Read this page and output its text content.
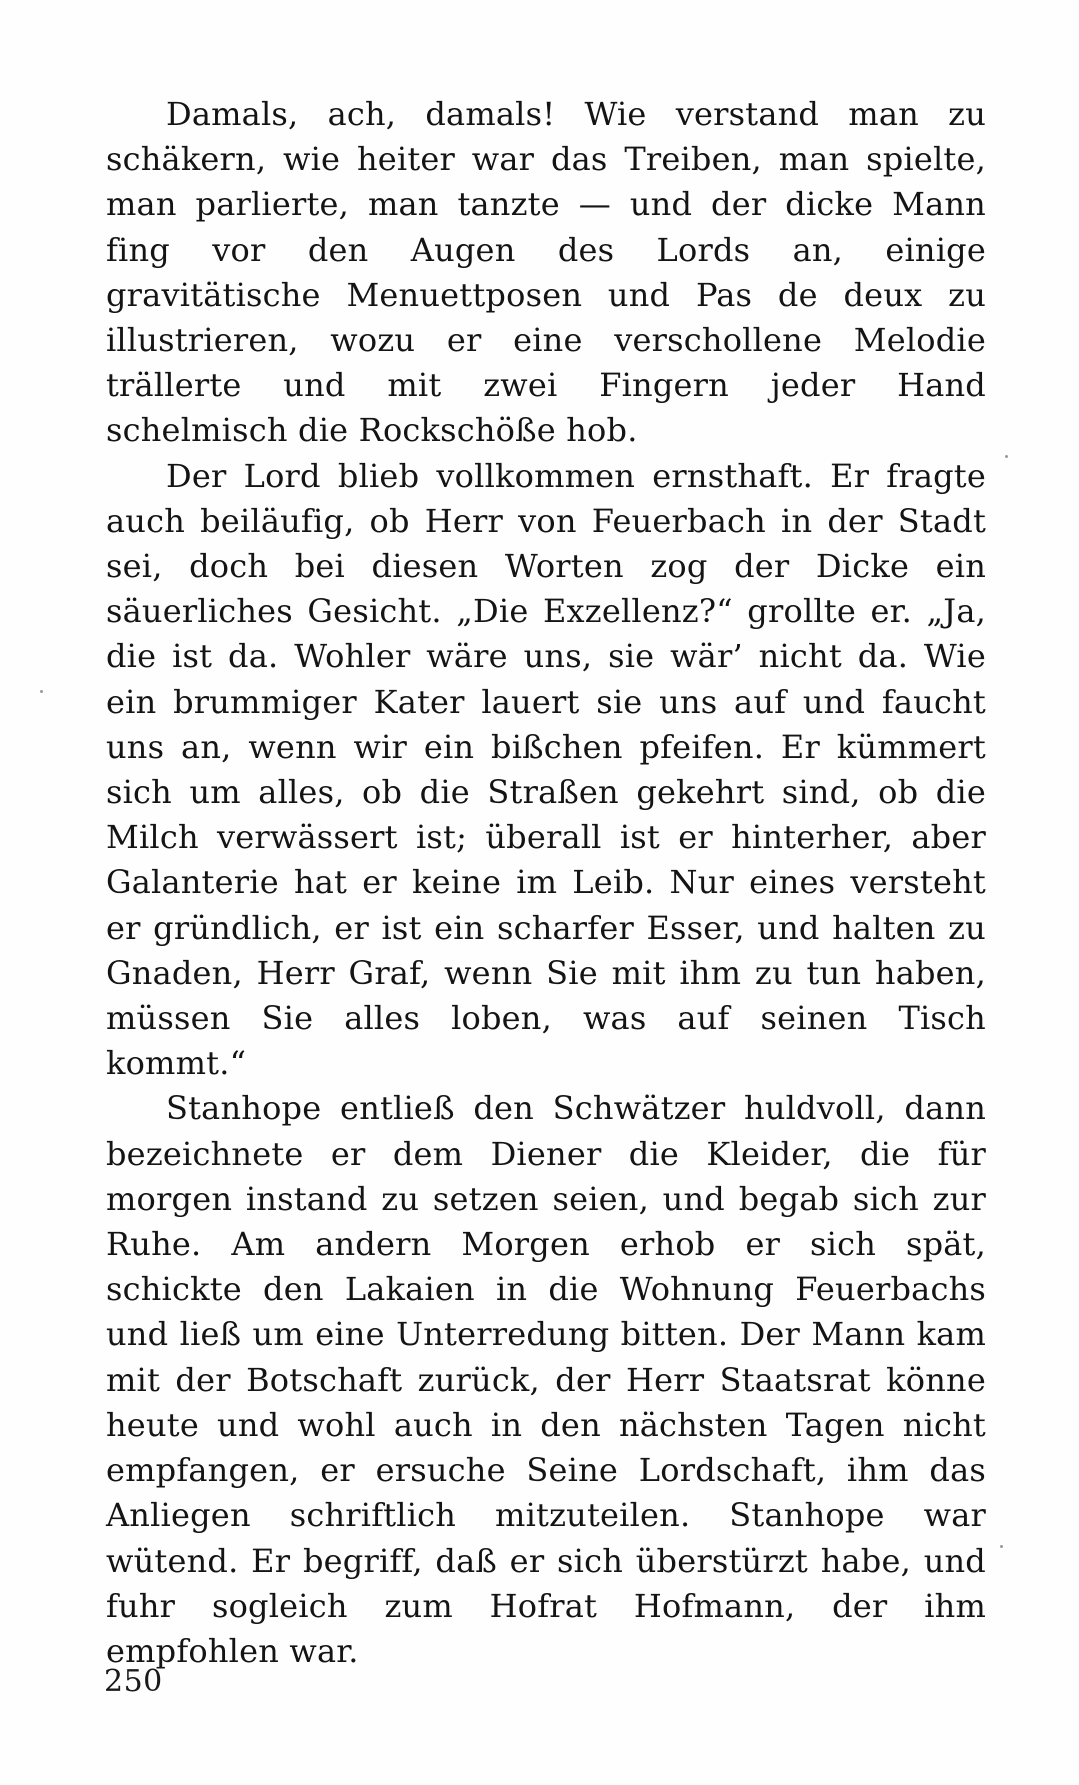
Damals, ach, damals! Wie verstand man zu schäkern, wie heiter war das Treiben, man spielte, man parlierte, man tanzte — und der dicke Mann fing vor den Augen des Lords an, einige gravitätische Menuettposen und Pas de deux zu illustrieren, wozu er eine verschollene Melodie trällerte und mit zwei Fingern jeder Hand schelmisch die Rockschöße hob.

Der Lord blieb vollkommen ernsthaft. Er fragte auch beiläufig, ob Herr von Feuerbach in der Stadt sei, doch bei diesen Worten zog der Dicke ein säuerliches Gesicht. „Die Exzellenz?“ grollte er. „Ja, die ist da. Wohler wäre uns, sie wär’ nicht da. Wie ein brummiger Kater lauert sie uns auf und faucht uns an, wenn wir ein bißchen pfeifen. Er kümmert sich um alles, ob die Straßen gekehrt sind, ob die Milch verwässert ist; überall ist er hinterher, aber Galanterie hat er keine im Leib. Nur eines versteht er gründlich, er ist ein scharfer Esser, und halten zu Gnaden, Herr Graf, wenn Sie mit ihm zu tun haben, müssen Sie alles loben, was auf seinen Tisch kommt.“

Stanhope entließ den Schwätzer huldvoll, dann bezeichnete er dem Diener die Kleider, die für morgen instand zu setzen seien, und begab sich zur Ruhe. Am andern Morgen erhob er sich spät, schickte den Lakaien in die Wohnung Feuerbachs und ließ um eine Unterredung bitten. Der Mann kam mit der Botschaft zurück, der Herr Staatsrat könne heute und wohl auch in den nächsten Tagen nicht empfangen, er ersuche Seine Lordschaft, ihm das Anliegen schriftlich mitzuteilen. Stanhope war wütend. Er begriff, daß er sich überstürzt habe, und fuhr sogleich zum Hofrat Hofmann, der ihm empfohlen war.

250
